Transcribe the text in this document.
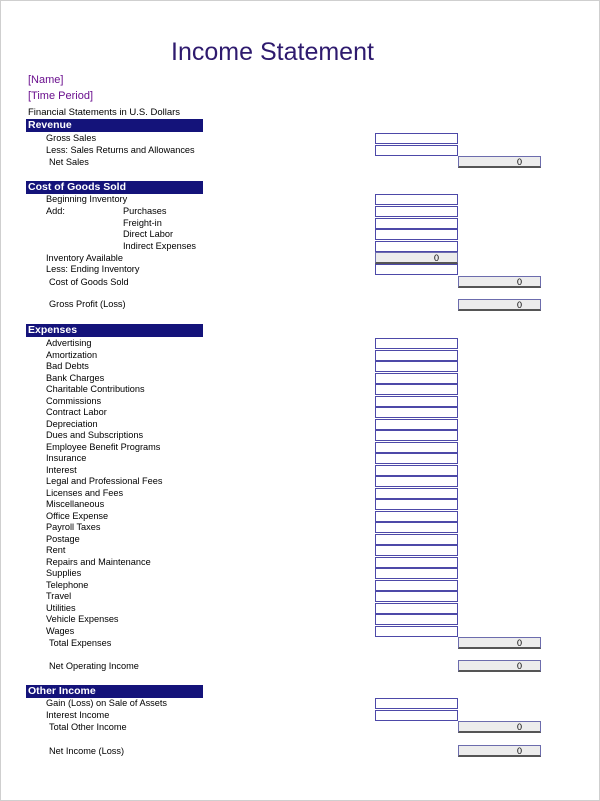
Income Statement
[Name]
[Time Period]
Financial Statements in U.S. Dollars
Revenue
Gross Sales
Less: Sales Returns and Allowances
Net Sales	0
Cost of Goods Sold
Beginning Inventory
Add:	Purchases
Freight-in
Direct Labor
Indirect Expenses
Inventory Available	0
Less: Ending Inventory
Cost of Goods Sold	0
Gross Profit (Loss)	0
Expenses
Advertising
Amortization
Bad Debts
Bank Charges
Charitable Contributions
Commissions
Contract Labor
Depreciation
Dues and Subscriptions
Employee Benefit Programs
Insurance
Interest
Legal and Professional Fees
Licenses and Fees
Miscellaneous
Office Expense
Payroll Taxes
Postage
Rent
Repairs and Maintenance
Supplies
Telephone
Travel
Utilities
Vehicle Expenses
Wages
Total Expenses	0
Net Operating Income	0
Other Income
Gain (Loss) on Sale of Assets
Interest Income
Total Other Income	0
Net Income (Loss)	0
